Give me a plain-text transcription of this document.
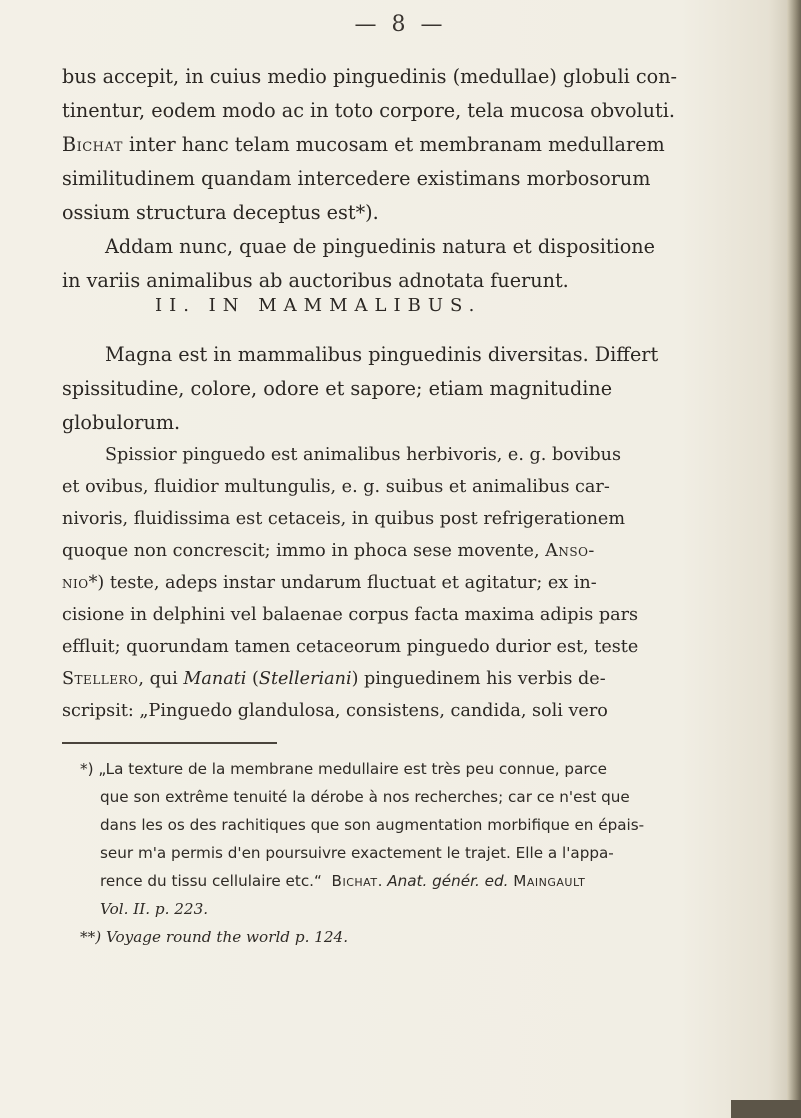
— 8 —
bus accepit, in cuius medio pinguedinis (medullae) globuli con-
tinentur, eodem modo ac in toto corpore, tela mucosa obvoluti.
Bichat inter hanc telam mucosam et membranam medullarem
similitudinem quandam intercedere existimans morbosorum
ossium structura deceptus est*).
Addam nunc, quae de pinguedinis natura et dispositione
in variis animalibus ab auctoribus adnotata fuerunt.
II. IN MAMMALIBUS.
Magna est in mammalibus pinguedinis diversitas. Differt
spissitudine, colore, odore et sapore; etiam magnitudine
globulorum.
Spissior pinguedo est animalibus herbivoris, e. g. bovibus
et ovibus, fluidior multungulis, e. g. suibus et animalibus car-
nivoris, fluidissima est cetaceis, in quibus post refrigerationem
quoque non concrescit; immo in phoca sese movente, Anso-
nio*) teste, adeps instar undarum fluctuat et agitatur; ex in-
cisione in delphini vel balaenae corpus facta maxima adipis pars
effluit; quorundam tamen cetaceorum pinguedo durior est, teste
Stellero, qui Manati (Stelleriani) pinguedinem his verbis de-
scripsit: „Pinguedo glandulosa, consistens, candida, soli vero
*) „La texture de la membrane medullaire est très peu connue, parce
que son extrême tenuité la dérobe à nos recherches; car ce n'est que
dans les os des rachitiques que son augmentation morbifique en épais-
seur m'a permis d'en poursuivre exactement le trajet. Elle a l'appa-
rence du tissu cellulaire etc.“ Bichat. Anat. génér. ed. Maingault
Vol. II. p. 223.
**) Voyage round the world p. 124.
